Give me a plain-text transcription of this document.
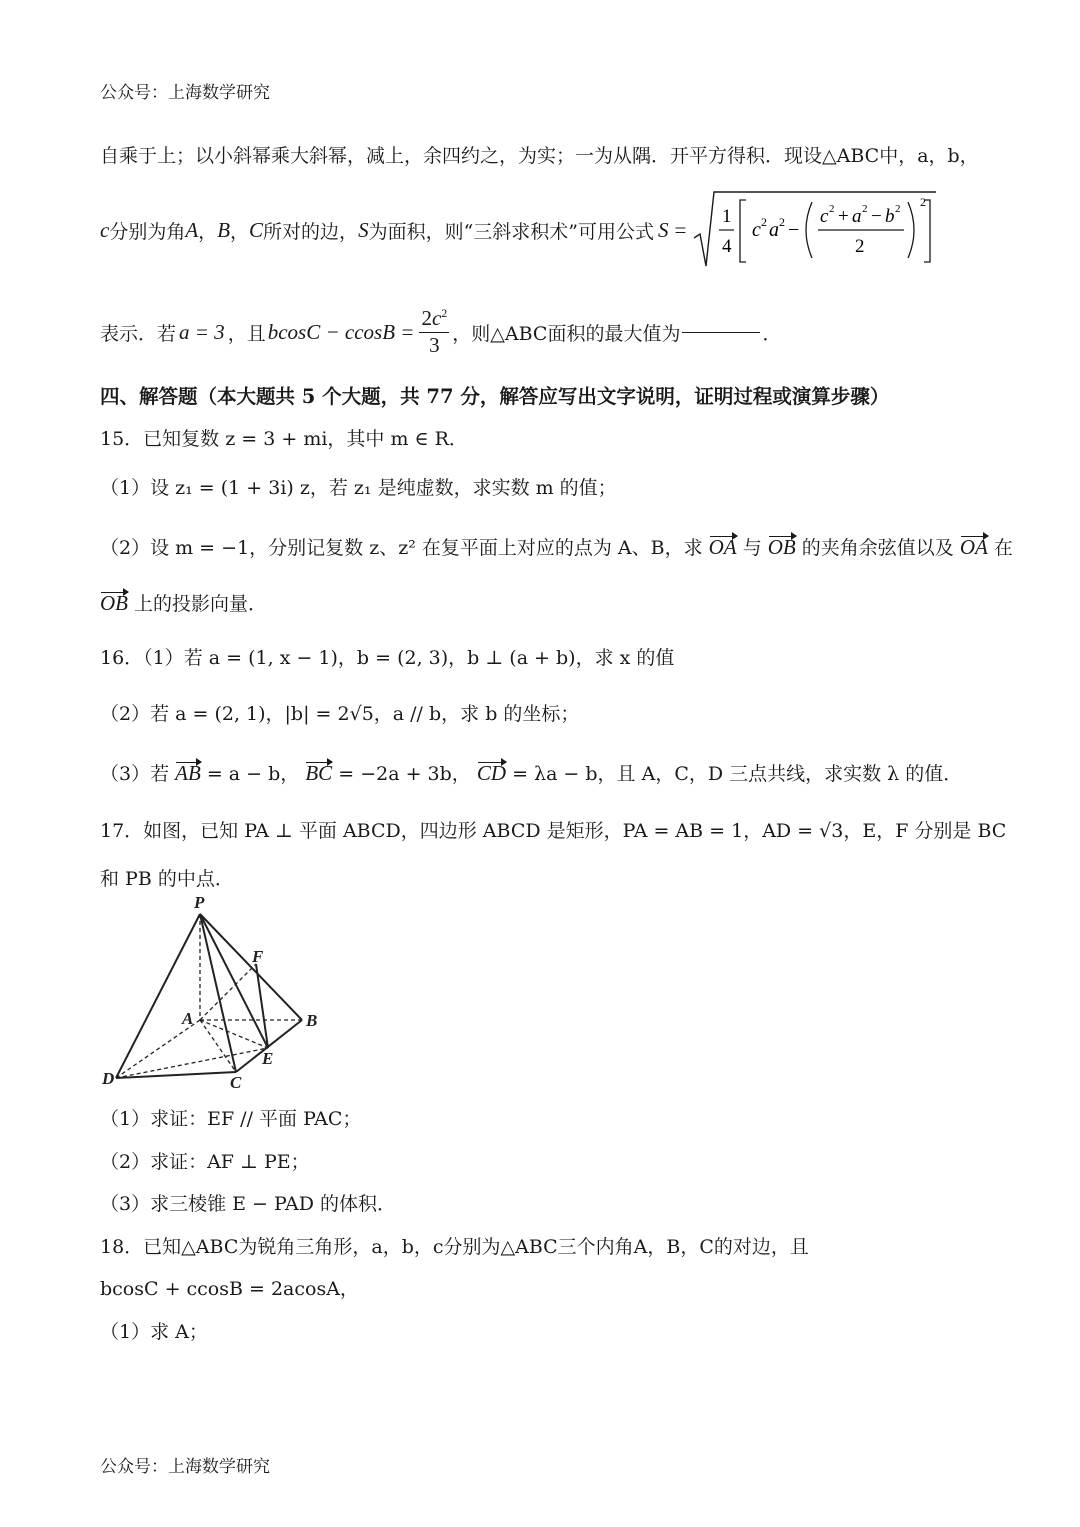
公众号：上海数学研究
自乘于上；以小斜幂乘大斜幂，减上，余四约之，为实；一为从隅．开平方得积．现设△ABC中，a，b，
c 分别为角 A ， B ， C 所对的边， S 为面积，则“三斜求积术”可用公式 S =
1
4
c 2 a 2 −
c 2 + a 2 − b 2
2
2
表示．若 a = 3 ，且 $bcosC - ccosB = \frac{2c^2}{3}$ ，则△ABC面积的最大值为	．
四、解答题（本大题共 5 个大题，共 77 分，解答应写出文字说明，证明过程或演算步骤）
15．已知复数 z = 3 + mi，其中 m ∈ R．
（1）设 z₁ = (1 + 3i) z，若 z₁ 是纯虚数，求实数 m 的值；
（2）设 m = −1，分别记复数 z、z² 在复平面上对应的点为 A、B，求 OA 与 OB 的夹角余弦值以及 OA 在
OB 上的投影向量．
16．（1）若 a = (1, x − 1)，b = (2, 3)，b ⊥ (a + b)，求 x 的值
（2）若 a = (2, 1)，|b| = 2√5，a // b，求 b 的坐标；
（3）若 AB = a − b， BC = −2a + 3b， CD = λa − b，且 A，C，D 三点共线，求实数 λ 的值．
17．如图，已知 PA ⊥ 平面 ABCD，四边形 ABCD 是矩形，PA = AB = 1，AD = √3，E，F 分别是 BC
和 PB 的中点．
P
F
A	B
E
D	C
（1）求证：EF // 平面 PAC；
（2）求证：AF ⊥ PE；
（3）求三棱锥 E − PAD 的体积．
18．已知△ABC为锐角三角形，a，b，c分别为△ABC三个内角A，B，C的对边，且
bcosC + ccosB = 2acosA，
（1）求 A；
公众号：上海数学研究
